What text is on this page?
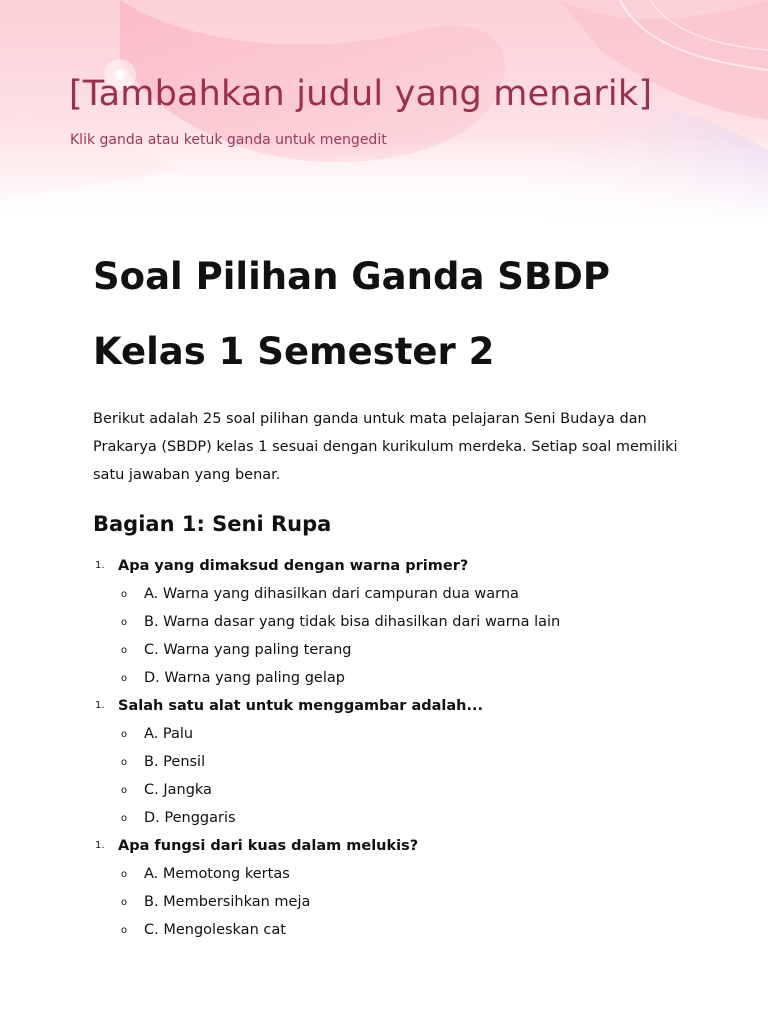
[Tambahkan judul yang menarik]

Klik ganda atau ketuk ganda untuk mengedit

Soal Pilihan Ganda SBDP
Kelas 1 Semester 2

Berikut adalah 25 soal pilihan ganda untuk mata pelajaran Seni Budaya dan Prakarya (SBDP) kelas 1 sesuai dengan kurikulum merdeka. Setiap soal memiliki satu jawaban yang benar.

Bagian 1: Seni Rupa
1. Apa yang dimaksud dengan warna primer?
o A. Warna yang dihasilkan dari campuran dua warna
o B. Warna dasar yang tidak bisa dihasilkan dari warna lain
o C. Warna yang paling terang
o D. Warna yang paling gelap
1. Salah satu alat untuk menggambar adalah...
o A. Palu
o B. Pensil
o C. Jangka
o D. Penggaris
1. Apa fungsi dari kuas dalam melukis?
o A. Memotong kertas
o B. Membersihkan meja
o C. Mengoleskan cat
